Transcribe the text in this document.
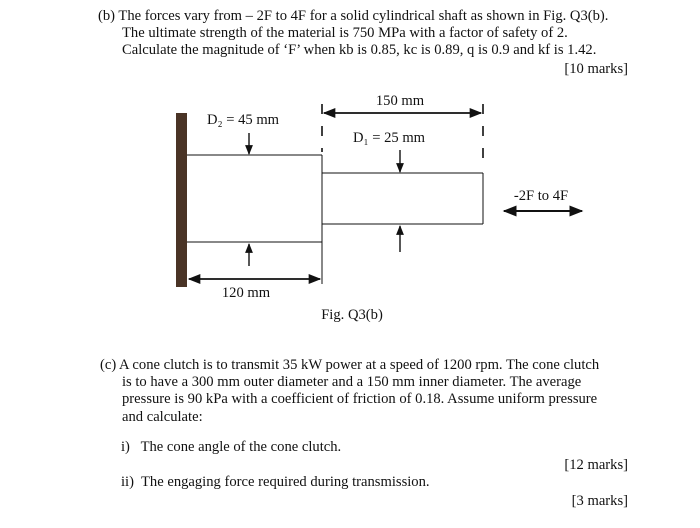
(b) The forces vary from – 2F to 4F for a solid cylindrical shaft as shown in Fig. Q3(b).
The ultimate strength of the material is 750 MPa with a factor of safety of 2.
Calculate the magnitude of ‘F’ when kb is 0.85, kc is 0.89, q is 0.9 and kf is 1.42.
[10 marks]
150 mm
120 mm
D₂ = 45 mm
D₁ = 25 mm
-2F to 4F
Fig. Q3(b)
(c) A cone clutch is to transmit 35 kW power at a speed of 1200 rpm. The cone clutch
is to have a 300 mm outer diameter and a 150 mm inner diameter. The average
pressure is 90 kPa with a coefficient of friction of 0.18. Assume uniform pressure
and calculate:
i)   The cone angle of the cone clutch.
[12 marks]
ii)  The engaging force required during transmission.
[3 marks]
